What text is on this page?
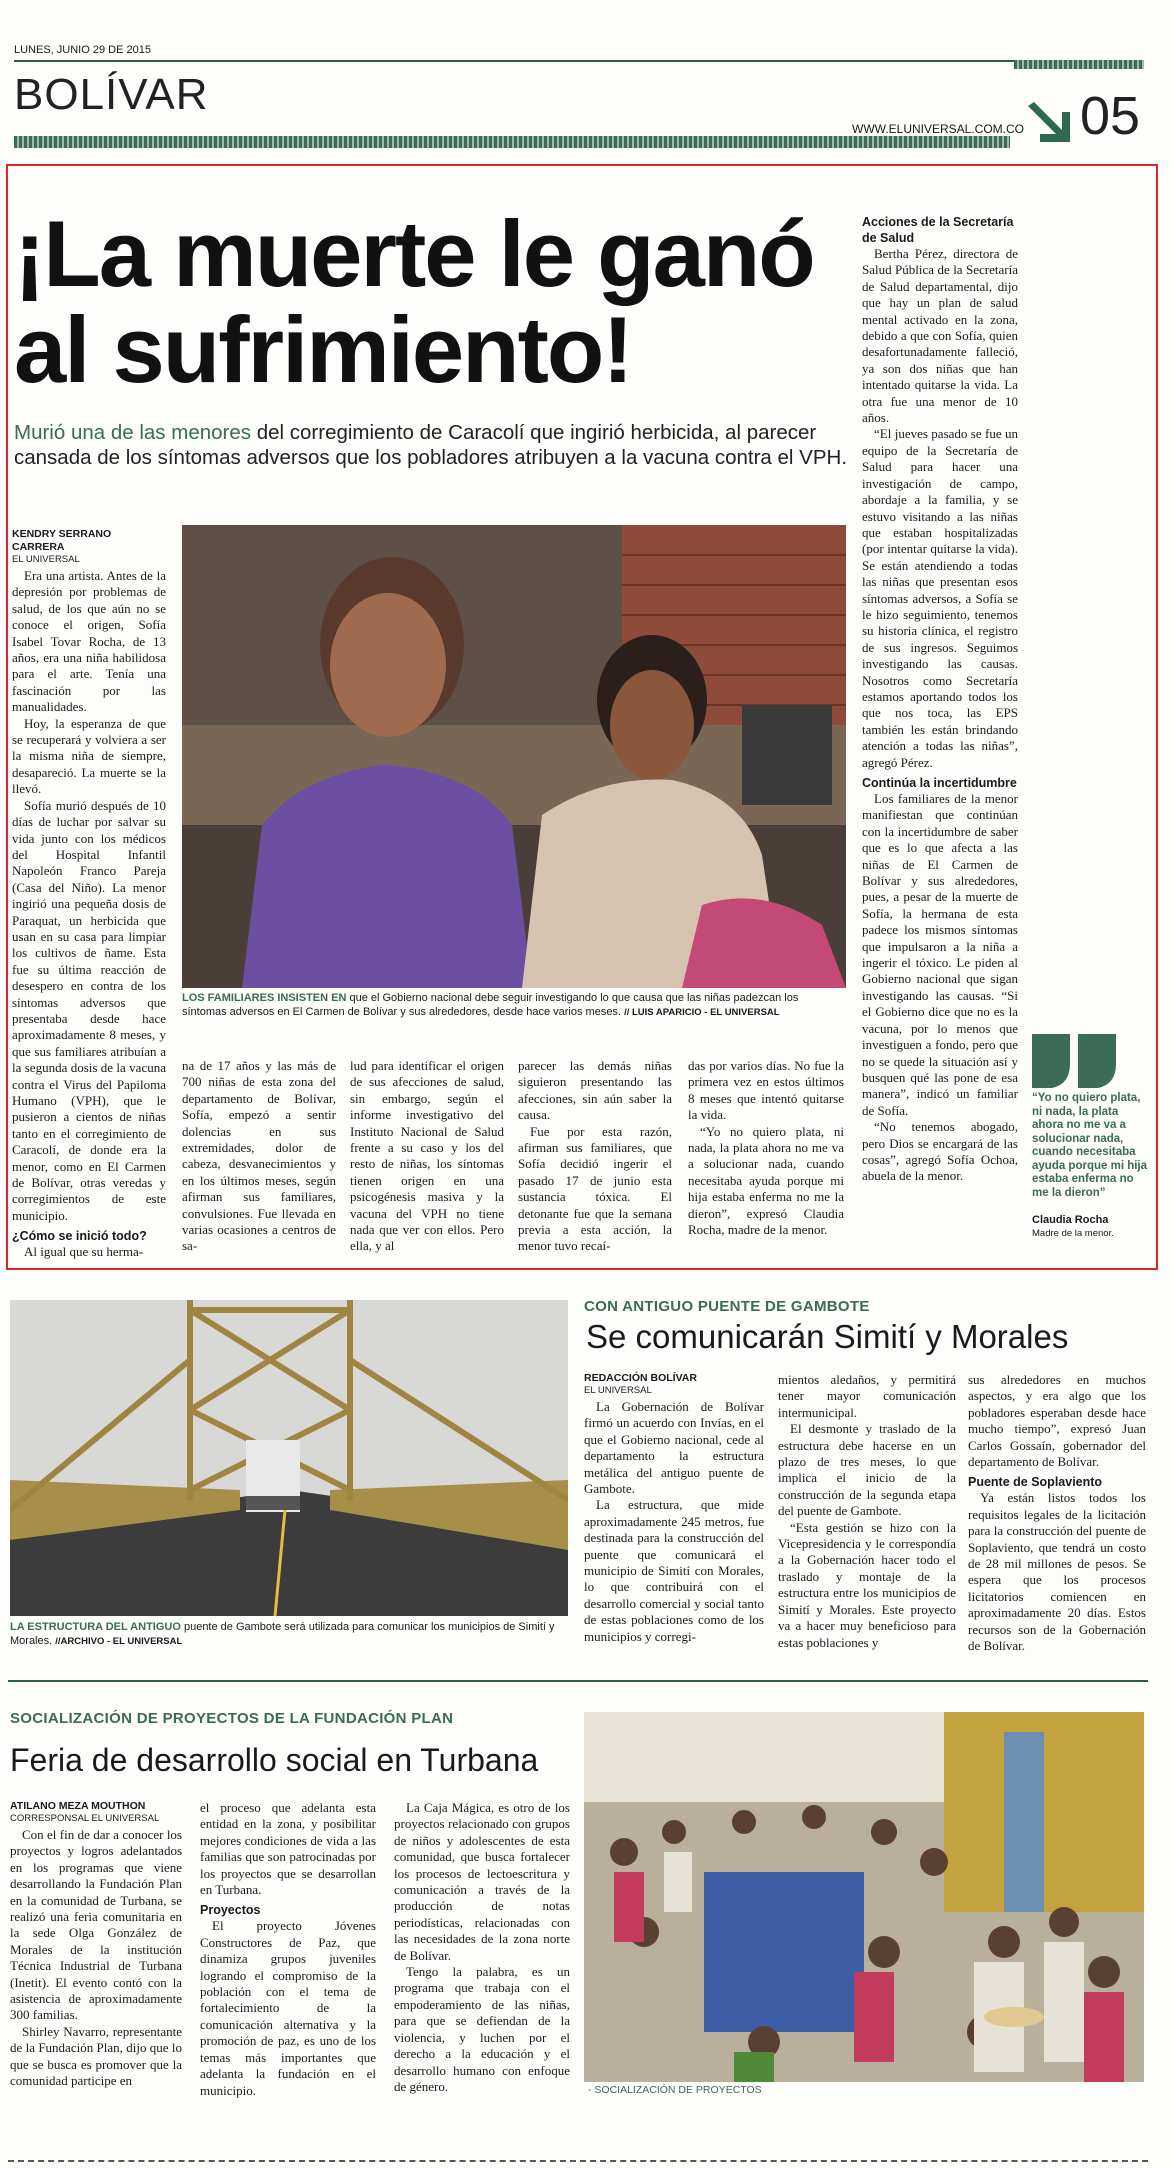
LUNES, JUNIO 29 DE 2015
BOLÍVAR
WWW.ELUNIVERSAL.COM.CO 05
¡La muerte le ganó
al sufrimiento!
Murió una de las menores del corregimiento de Caracolí que ingirió herbicida, al parecer cansada de los síntomas adversos que los pobladores atribuyen a la vacuna contra el VPH.
KENDRY SERRANO CARRERA
EL UNIVERSAL

Era una artista. Antes de la depresión por problemas de salud, de los que aún no se conoce el origen, Sofía Isabel Tovar Rocha, de 13 años, era una niña habilidosa para el arte. Tenía una fascinación por las manualidades.

Hoy, la esperanza de que se recuperará y volviera a ser la misma niña de siempre, desapareció. La muerte se la llevó.

Sofía murió después de 10 días de luchar por salvar su vida junto con los médicos del Hospital Infantil Napoleón Franco Pareja (Casa del Niño). La menor ingirió una pequeña dosis de Paraquat, un herbicida que usan en su casa para limpiar los cultivos de ñame. Esta fue su última reacción de desespero en contra de los síntomas adversos que presentaba desde hace aproximadamente 8 meses, y que sus familiares atribuían a la segunda dosis de la vacuna contra el Virus del Papiloma Humano (VPH), que le pusieron a cientos de niñas tanto en el corregimiento de Caracolí, de donde era la menor, como en El Carmen de Bolívar, otras veredas y corregimientos de este municipio.

¿Cómo se inició todo?

Al igual que su herma-

LOS FAMILIARES INSISTEN EN que el Gobierno nacional debe seguir investigando lo que causa que las niñas padezcan los síntomas adversos en El Carmen de Bolívar y sus alrededores, desde hace varios meses. // LUIS APARICIO - EL UNIVERSAL

na de 17 años y las más de 700 niñas de esta zona del departamento de Bolívar, Sofía, empezó a sentir dolencias en sus extremidades, dolor de cabeza, desvanecimientos y en los últimos meses, según afirman sus familiares, convulsiones. Fue llevada en varias ocasiones a centros de sa-

lud para identificar el origen de sus afecciones de salud, sin embargo, según el informe investigativo del Instituto Nacional de Salud frente a su caso y los del resto de niñas, los síntomas tienen origen en una psicogénesis masiva y la vacuna del VPH no tiene nada que ver con ellos. Pero ella, y al

parecer las demás niñas siguieron presentando las afecciones, sin aún saber la causa.

Fue por esta razón, afirman sus familiares, que Sofía decidió ingerir el pasado 17 de junio esta sustancia tóxica. El detonante fue que la semana previa a esta acción, la menor tuvo recaí-

das por varios días. No fue la primera vez en estos últimos 8 meses que intentó quitarse la vida.

“Yo no quiero plata, ni nada, la plata ahora no me va a solucionar nada, cuando necesitaba ayuda porque mi hija estaba enferma no me la dieron”, expresó Claudia Rocha, madre de la menor.

Acciones de la Secretaría de Salud

Bertha Pérez, directora de Salud Pública de la Secretaría de Salud departamental, dijo que hay un plan de salud mental activado en la zona, debido a que con Sofía, quien desafortunadamente falleció, ya son dos niñas que han intentado quitarse la vida. La otra fue una menor de 10 años.

“El jueves pasado se fue un equipo de la Secretaría de Salud para hacer una investigación de campo, abordaje a la familia, y se estuvo visitando a las niñas que estaban hospitalizadas (por intentar quitarse la vida). Se están atendiendo a todas las niñas que presentan esos síntomas adversos, a Sofía se le hizo seguimiento, tenemos su historia clínica, el registro de sus ingresos. Seguimos investigando las causas. Nosotros como Secretaría estamos aportando todos los que nos toca, las EPS también les están brindando atención a todas las niñas”, agregó Pérez.

Continúa la incertidumbre

Los familiares de la menor manifiestan que continúan con la incertidumbre de saber que es lo que afecta a las niñas de El Carmen de Bolívar y sus alrededores, pues, a pesar de la muerte de Sofía, la hermana de esta padece los mismos síntomas que impulsaron a la niña a ingerir el tóxico. Le piden al Gobierno nacional que sigan investigando las causas. “Si el Gobierno dice que no es la vacuna, por lo menos que investiguen a fondo, pero que no se quede la situación así y busquen qué las pone de esa manera”, indicó un familiar de Sofía.

“No tenemos abogado, pero Dios se encargará de las cosas”, agregó Sofía Ochoa, abuela de la menor.

“Yo no quiero plata, ni nada, la plata ahora no me va a solucionar nada, cuando necesitaba ayuda porque mi hija estaba enferma no me la dieron”
Claudia Rocha
Madre de la menor.
LA ESTRUCTURA DEL ANTIGUO puente de Gambote será utilizada para comunicar los municipios de Simití y Morales. //ARCHIVO - EL UNIVERSAL
CON ANTIGUO PUENTE DE GAMBOTE
Se comunicarán Simití y Morales
REDACCIÓN BOLÍVAR
EL UNIVERSAL

La Gobernación de Bolívar firmó un acuerdo con Invías, en el que el Gobierno nacional, cede al departamento la estructura metálica del antiguo puente de Gambote.

La estructura, que mide aproximadamente 245 metros, fue destinada para la construcción del puente que comunicará el municipio de Simití con Morales, lo que contribuirá con el desarrollo comercial y social tanto de estas poblaciones como de los municipios y corregi-

mientos aledaños, y permitirá tener mayor comunicación intermunicipal.

El desmonte y traslado de la estructura debe hacerse en un plazo de tres meses, lo que implica el inicio de la construcción de la segunda etapa del puente de Gambote.

“Esta gestión se hizo con la Vicepresidencia y le correspondía a la Gobernación hacer todo el traslado y montaje de la estructura entre los municipios de Simití y Morales. Este proyecto va a hacer muy beneficioso para estas poblaciones y

sus alrededores en muchos aspectos, y era algo que los pobladores esperaban desde hace mucho tiempo”, expresó Juan Carlos Gossaín, gobernador del departamento de Bolívar.

Puente de Soplaviento

Ya están listos todos los requisitos legales de la licitación para la construcción del puente de Soplaviento, que tendrá un costo de 28 mil millones de pesos. Se espera que los procesos licitatorios comiencen en aproximadamente 20 días. Estos recursos son de la Gobernación de Bolívar.

SOCIALIZACIÓN DE PROYECTOS DE LA FUNDACIÓN PLAN
Feria de desarrollo social en Turbana
ATILANO MEZA MOUTHON
CORRESPONSAL EL UNIVERSAL

Con el fin de dar a conocer los proyectos y logros adelantados en los programas que viene desarrollando la Fundación Plan en la comunidad de Turbana, se realizó una feria comunitaria en la sede Olga González de Morales de la institución Técnica Industrial de Turbana (Inetit). El evento contó con la asistencia de aproximadamente 300 familias.

Shirley Navarro, representante de la Fundación Plan, dijo que lo que se busca es promover que la comunidad participe en

el proceso que adelanta esta entidad en la zona, y posibilitar mejores condiciones de vida a las familias que son patrocinadas por los proyectos que se desarrollan en Turbana.

Proyectos

El proyecto Jóvenes Constructores de Paz, que dinamiza grupos juveniles logrando el compromiso de la población con el tema de fortalecimiento de la comunicación alternativa y la promoción de paz, es uno de los temas más importantes que adelanta la fundación en el municipio.

La Caja Mágica, es otro de los proyectos relacionado con grupos de niños y adolescentes de esta comunidad, que busca fortalecer los procesos de lectoescritura y comunicación a través de la producción de notas periodísticas, relacionadas con las necesidades de la zona norte de Bolívar.

Tengo la palabra, es un programa que trabaja con el empoderamiento de las niñas, para que se defiendan de la violencia, y luchen por el derecho a la educación y el desarrollo humano con enfoque de género.	- SOCIALIZACIÓN DE PROYECTOS
